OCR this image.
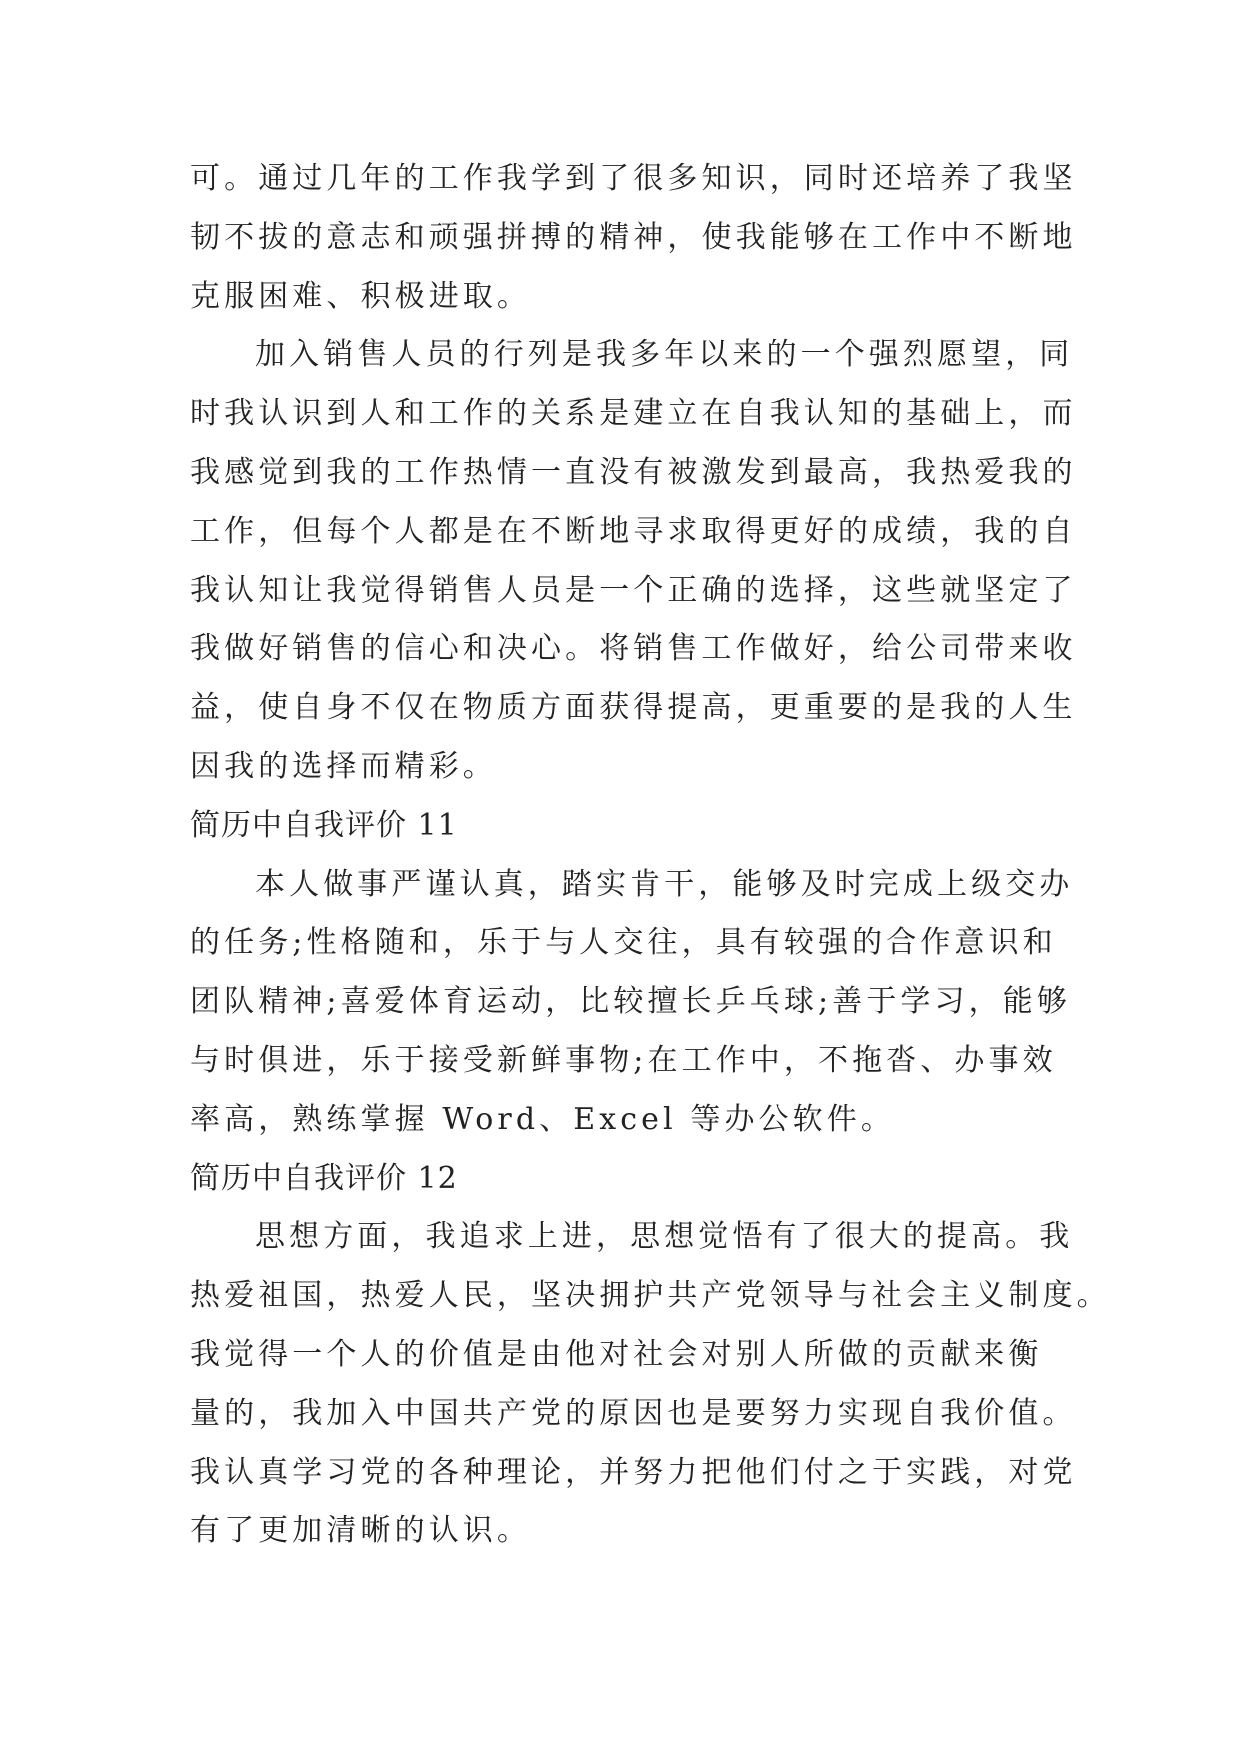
可。通过几年的工作我学到了很多知识，同时还培养了我坚
韧不拔的意志和顽强拼搏的精神，使我能够在工作中不断地
克服困难、积极进取。
加入销售人员的行列是我多年以来的一个强烈愿望，同
时我认识到人和工作的关系是建立在自我认知的基础上，而
我感觉到我的工作热情一直没有被激发到最高，我热爱我的
工作，但每个人都是在不断地寻求取得更好的成绩，我的自
我认知让我觉得销售人员是一个正确的选择，这些就坚定了
我做好销售的信心和决心。将销售工作做好，给公司带来收
益，使自身不仅在物质方面获得提高，更重要的是我的人生
因我的选择而精彩。
简历中自我评价 11
本人做事严谨认真，踏实肯干，能够及时完成上级交办
的任务;性格随和，乐于与人交往，具有较强的合作意识和
团队精神;喜爱体育运动，比较擅长乒乓球;善于学习，能够
与时俱进，乐于接受新鲜事物;在工作中，不拖沓、办事效
率高，熟练掌握 Word、Excel 等办公软件。
简历中自我评价 12
思想方面，我追求上进，思想觉悟有了很大的提高。我
热爱祖国，热爱人民，坚决拥护共产党领导与社会主义制度。
我觉得一个人的价值是由他对社会对别人所做的贡献来衡
量的，我加入中国共产党的原因也是要努力实现自我价值。
我认真学习党的各种理论，并努力把他们付之于实践，对党
有了更加清晰的认识。
